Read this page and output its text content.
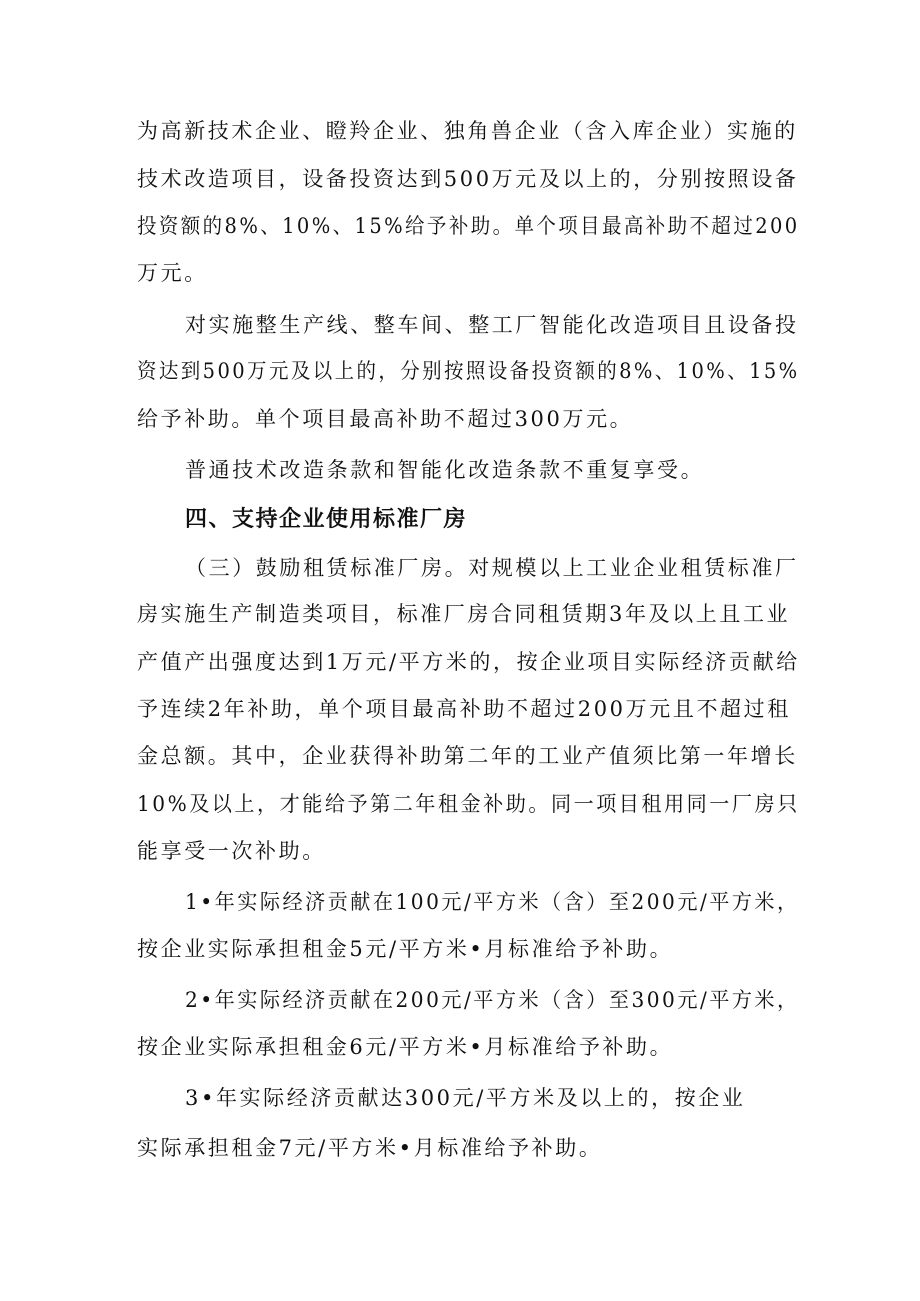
为高新技术企业、瞪羚企业、独角兽企业（含入库企业）实施的
技术改造项目，设备投资达到500万元及以上的，分别按照设备
投资额的8%、10%、15%给予补助。单个项目最高补助不超过200
万元。
对实施整生产线、整车间、整工厂智能化改造项目且设备投
资达到500万元及以上的，分别按照设备投资额的8%、10%、15%
给予补助。单个项目最高补助不超过300万元。
普通技术改造条款和智能化改造条款不重复享受。
四、支持企业使用标准厂房
（三）鼓励租赁标准厂房。对规模以上工业企业租赁标准厂
房实施生产制造类项目，标准厂房合同租赁期3年及以上且工业
产值产出强度达到1万元/平方米的，按企业项目实际经济贡献给
予连续2年补助，单个项目最高补助不超过200万元且不超过租
金总额。其中，企业获得补助第二年的工业产值须比第一年增长
10%及以上，才能给予第二年租金补助。同一项目租用同一厂房只
能享受一次补助。
1•年实际经济贡献在100元/平方米（含）至200元/平方米，
按企业实际承担租金5元/平方米•月标准给予补助。
2•年实际经济贡献在200元/平方米（含）至300元/平方米，
按企业实际承担租金6元/平方米•月标准给予补助。
3•年实际经济贡献达300元/平方米及以上的，按企业
实际承担租金7元/平方米•月标准给予补助。
